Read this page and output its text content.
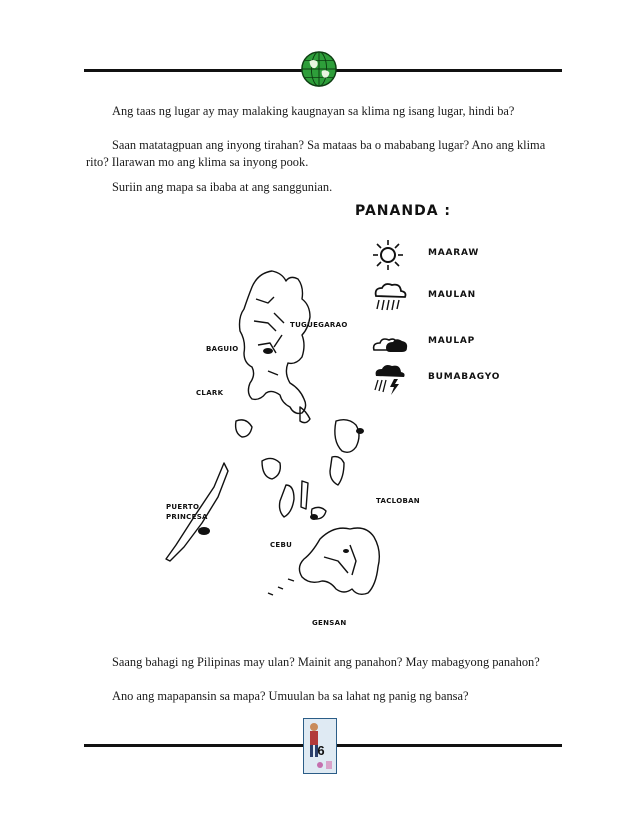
Ang taas ng lugar ay may malaking kaugnayan sa klima ng isang lugar, hindi ba?

Saan matatagpuan ang inyong tirahan? Sa mataas ba o mababang lugar? Ano ang klima rito? Ilarawan mo ang klima sa inyong pook.

Suriin ang mapa sa ibaba at ang sanggunian.

PANANDA :
MAARAW
MAULAN
MAULAP
BUMABAGYO
TUGUEGARAO
BAGUIO
CLARK
TACLOBAN
PUERTO
PRINCESA
CEBU
GENSAN

Saang bahagi ng Pilipinas may ulan? Mainit ang panahon? May mabagyong panahon?

Ano ang mapapansin sa mapa? Umuulan ba sa lahat ng panig ng bansa?

6
